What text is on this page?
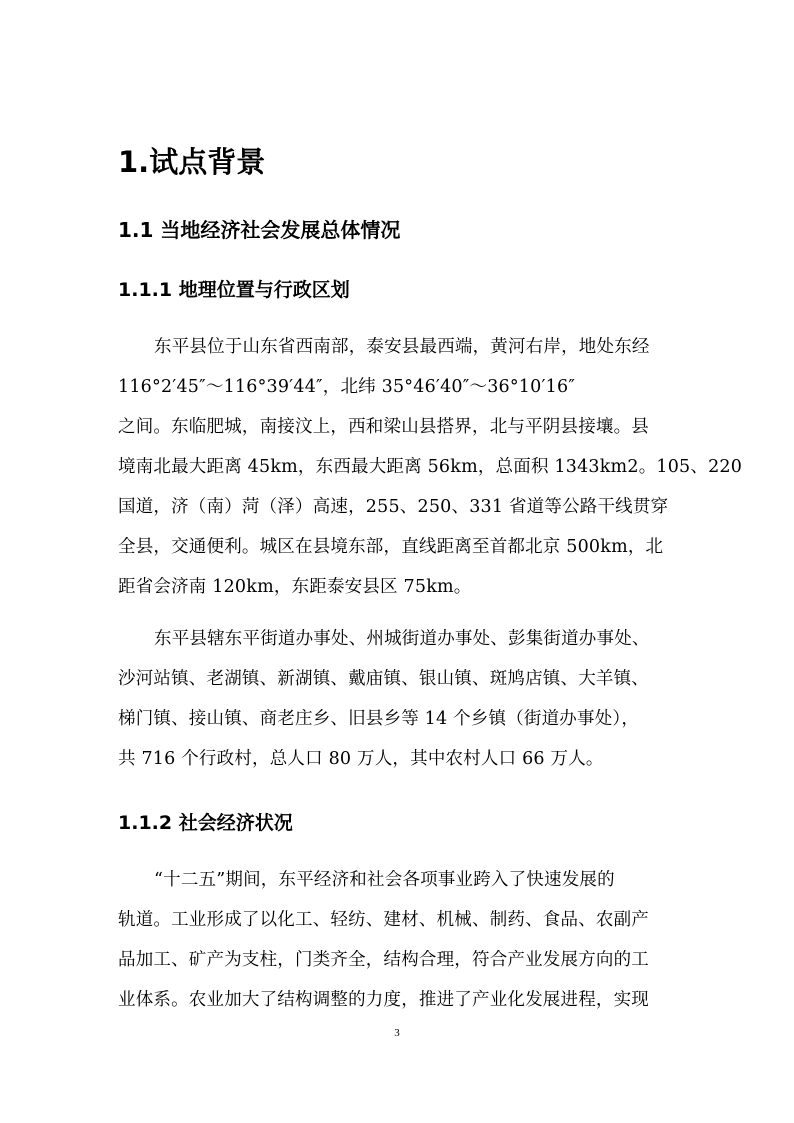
1.试点背景
1.1 当地经济社会发展总体情况
1.1.1 地理位置与行政区划
东平县位于山东省西南部，泰安县最西端，黄河右岸，地处东经
116°2′45″～116°39′44″，北纬 35°46′40″～36°10′16″
之间。东临肥城，南接汶上，西和梁山县搭界，北与平阴县接壤。县
境南北最大距离 45km，东西最大距离 56km，总面积 1343km2。105、220
国道，济（南）菏（泽）高速，255、250、331 省道等公路干线贯穿
全县，交通便利。城区在县境东部，直线距离至首都北京 500km，北
距省会济南 120km，东距泰安县区 75km。
东平县辖东平街道办事处、州城街道办事处、彭集街道办事处、
沙河站镇、老湖镇、新湖镇、戴庙镇、银山镇、斑鸠店镇、大羊镇、
梯门镇、接山镇、商老庄乡、旧县乡等 14 个乡镇（街道办事处），
共 716 个行政村，总人口 80 万人，其中农村人口 66 万人。
1.1.2 社会经济状况
“十二五”期间，东平经济和社会各项事业跨入了快速发展的
轨道。工业形成了以化工、轻纺、建材、机械、制药、食品、农副产
品加工、矿产为支柱，门类齐全，结构合理，符合产业发展方向的工
业体系。农业加大了结构调整的力度，推进了产业化发展进程，实现
3
